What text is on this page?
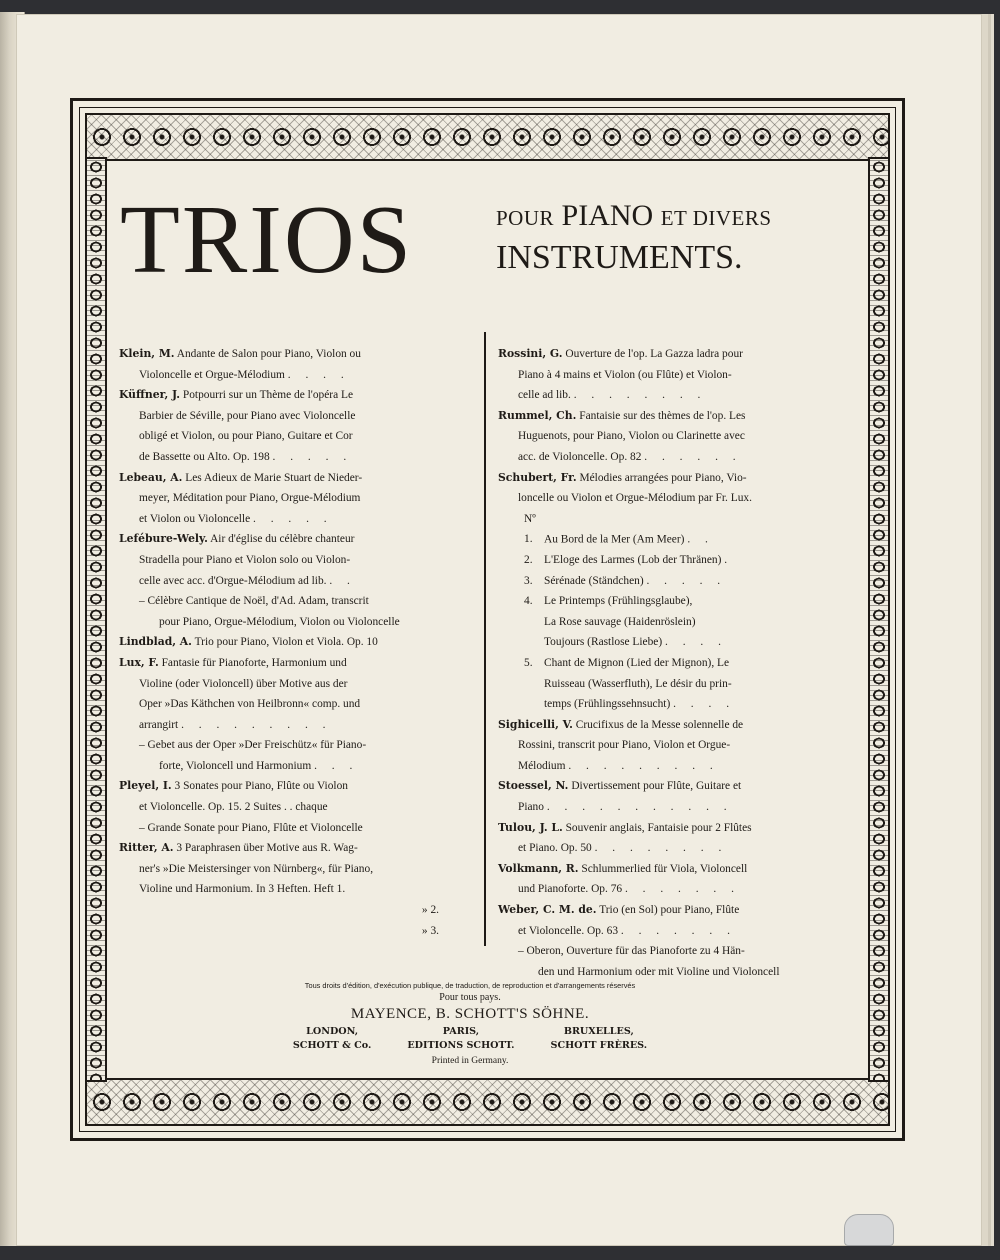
TRIOS	POUR PIANO ET DIVERS
INSTRUMENTS.

Klein, M. Andante de Salon pour Piano, Violon ou

Violoncelle et Orgue-Mélodium . . . .

Küffner, J. Potpourri sur un Thème de l'opéra Le

Barbier de Séville, pour Piano avec Violoncelle

obligé et Violon, ou pour Piano, Guitare et Cor

de Bassette ou Alto. Op. 198 . . . . .

Lebeau, A. Les Adieux de Marie Stuart de Nieder-

meyer, Méditation pour Piano, Orgue-Mélodium

et Violon ou Violoncelle . . . . .

Lefébure-Wely. Air d'église du célèbre chanteur

Stradella pour Piano et Violon solo ou Violon-

celle avec acc. d'Orgue-Mélodium ad lib. . .

– Célèbre Cantique de Noël, d'Ad. Adam, transcrit

pour Piano, Orgue-Mélodium, Violon ou Violoncelle

Lindblad, A. Trio pour Piano, Violon et Viola. Op. 10

Lux, F. Fantasie für Pianoforte, Harmonium und

Violine (oder Violoncell) über Motive aus der

Oper »Das Käthchen von Heilbronn« comp. und

arrangirt . . . . . . . . .

– Gebet aus der Oper »Der Freischütz« für Piano-

forte, Violoncell und Harmonium . . .

Pleyel, I. 3 Sonates pour Piano, Flûte ou Violon

et Violoncelle. Op. 15. 2 Suites . . chaque

– Grande Sonate pour Piano, Flûte et Violoncelle

Ritter, A. 3 Paraphrasen über Motive aus R. Wag-

ner's »Die Meistersinger von Nürnberg«, für Piano,

Violine und Harmonium. In 3 Heften. Heft 1.

» 2.

» 3.

Rossini, G. Ouverture de l'op. La Gazza ladra pour

Piano à 4 mains et Violon (ou Flûte) et Violon-

celle ad lib. . . . . . . . .

Rummel, Ch. Fantaisie sur des thèmes de l'op. Les

Huguenots, pour Piano, Violon ou Clarinette avec

acc. de Violoncelle. Op. 82 . . . . . .

Schubert, Fr. Mélodies arrangées pour Piano, Vio-

loncelle ou Violon et Orgue-Mélodium par Fr. Lux.

Nº 1. Au Bord de la Mer (Am Meer) . .

2. L'Eloge des Larmes (Lob der Thränen) .

3. Sérénade (Ständchen) . . . . .

4. Le Printemps (Frühlingsglaube),

La Rose sauvage (Haidenröslein)

Toujours (Rastlose Liebe) . . . .

5. Chant de Mignon (Lied der Mignon), Le

Ruisseau (Wasserfluth), Le désir du prin-

temps (Frühlingssehnsucht) . . . .

Sighicelli, V. Crucifixus de la Messe solennelle de

Rossini, transcrit pour Piano, Violon et Orgue-

Mélodium . . . . . . . . .

Stoessel, N. Divertissement pour Flûte, Guitare et

Piano . . . . . . . . . . .

Tulou, J. L. Souvenir anglais, Fantaisie pour 2 Flûtes

et Piano. Op. 50 . . . . . . . .

Volkmann, R. Schlummerlied für Viola, Violoncell

und Pianoforte. Op. 76 . . . . . . .

Weber, C. M. de. Trio (en Sol) pour Piano, Flûte

et Violoncelle. Op. 63 . . . . . . .

– Oberon, Ouverture für das Pianoforte zu 4 Hän-

den und Harmonium oder mit Violine und Violoncell

Tous droits d'édition, d'exécution publique, de traduction, de reproduction et d'arrangements réservés
Pour tous pays.
MAYENCE, B. SCHOTT'S SÖHNE.
LONDON,
SCHOTT & Co.
PARIS,
EDITIONS SCHOTT.
BRUXELLES,
SCHOTT FRÈRES.
Printed in Germany.
